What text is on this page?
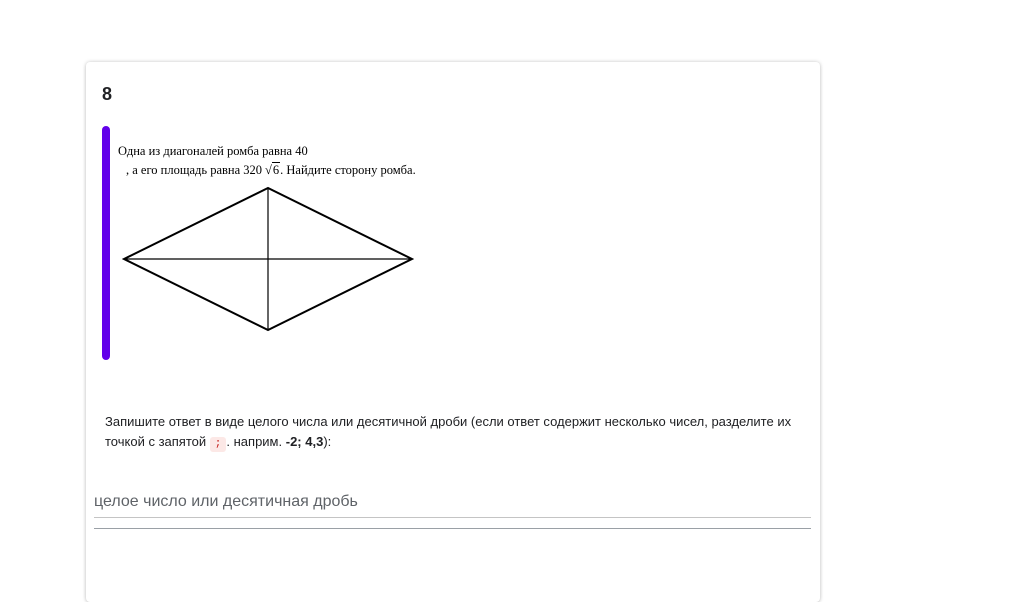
8
Одна из диагоналей ромба равна 40
, а его площадь равна 320 √6. Найдите сторону ромба.
Запишите ответ в виде целого числа или десятичной дроби (если ответ содержит несколько чисел, разделите их точкой с запятой ; . наприм. -2; 4,3):
целое число или десятичная дробь
